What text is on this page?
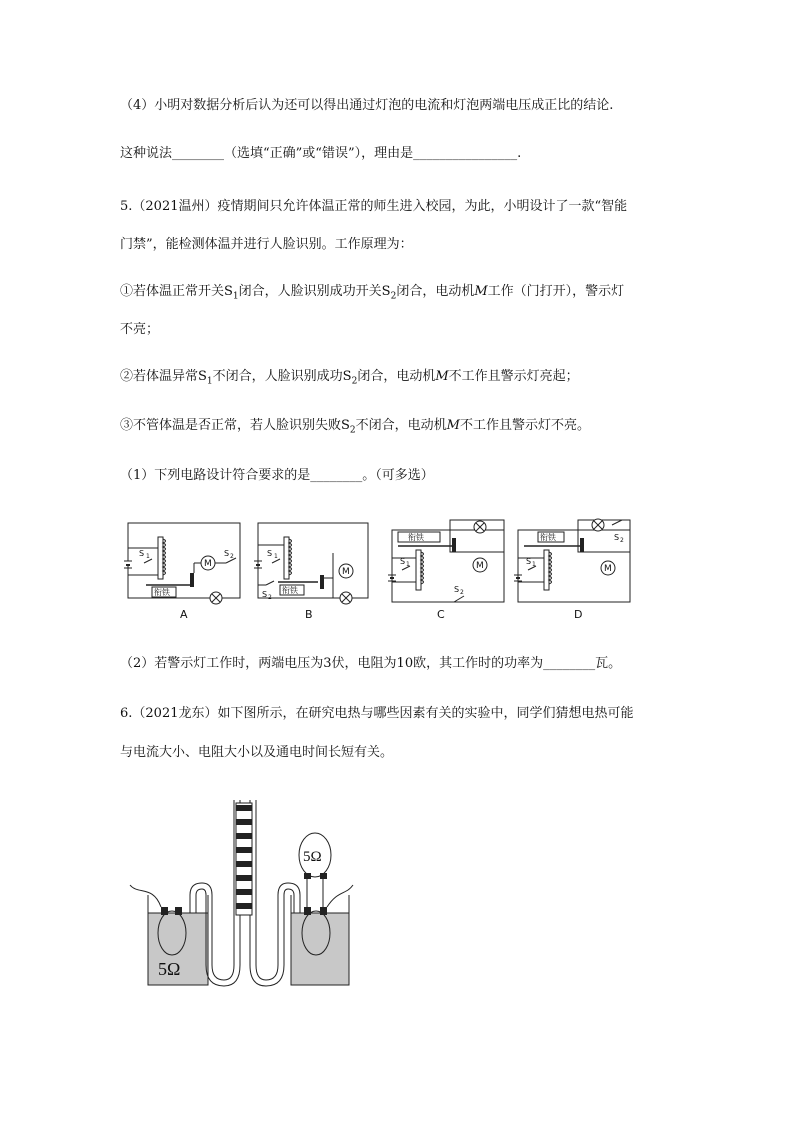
（4）小明对数据分析后认为还可以得出通过灯泡的电流和灯泡两端电压成正比的结论.
这种说法________（选填“正确”或“错误”），理由是________________.
5.（2021温州）疫情期间只允许体温正常的师生进入校园，为此，小明设计了一款“智能
门禁”，能检测体温并进行人脸识别。工作原理为：
①若体温正常开关$S_1$闭合，人脸识别成功开关$S_2$闭合，电动机M工作（门打开），警示灯
不亮；
②若体温异常$S_1$不闭合，人脸识别成功$S_2$闭合，电动机M不工作且警示灯亮起；
③不管体温是否正常，若人脸识别失败$S_2$不闭合，电动机M不工作且警示灯不亮。
（1）下列电路设计符合要求的是________。（可多选）
S 1
衔铁
M
S 2	S 1
S 2
衔铁
M
衔铁
S 1	M
S 2
S 2
衔铁
S 1	M
A	B	C	D
（2）若警示灯工作时，两端电压为3伏，电阻为10欧，其工作时的功率为________瓦。
6.（2021龙东）如下图所示，在研究电热与哪些因素有关的实验中，同学们猜想电热可能
与电流大小、电阻大小以及通电时间长短有关。
5Ω
5Ω
